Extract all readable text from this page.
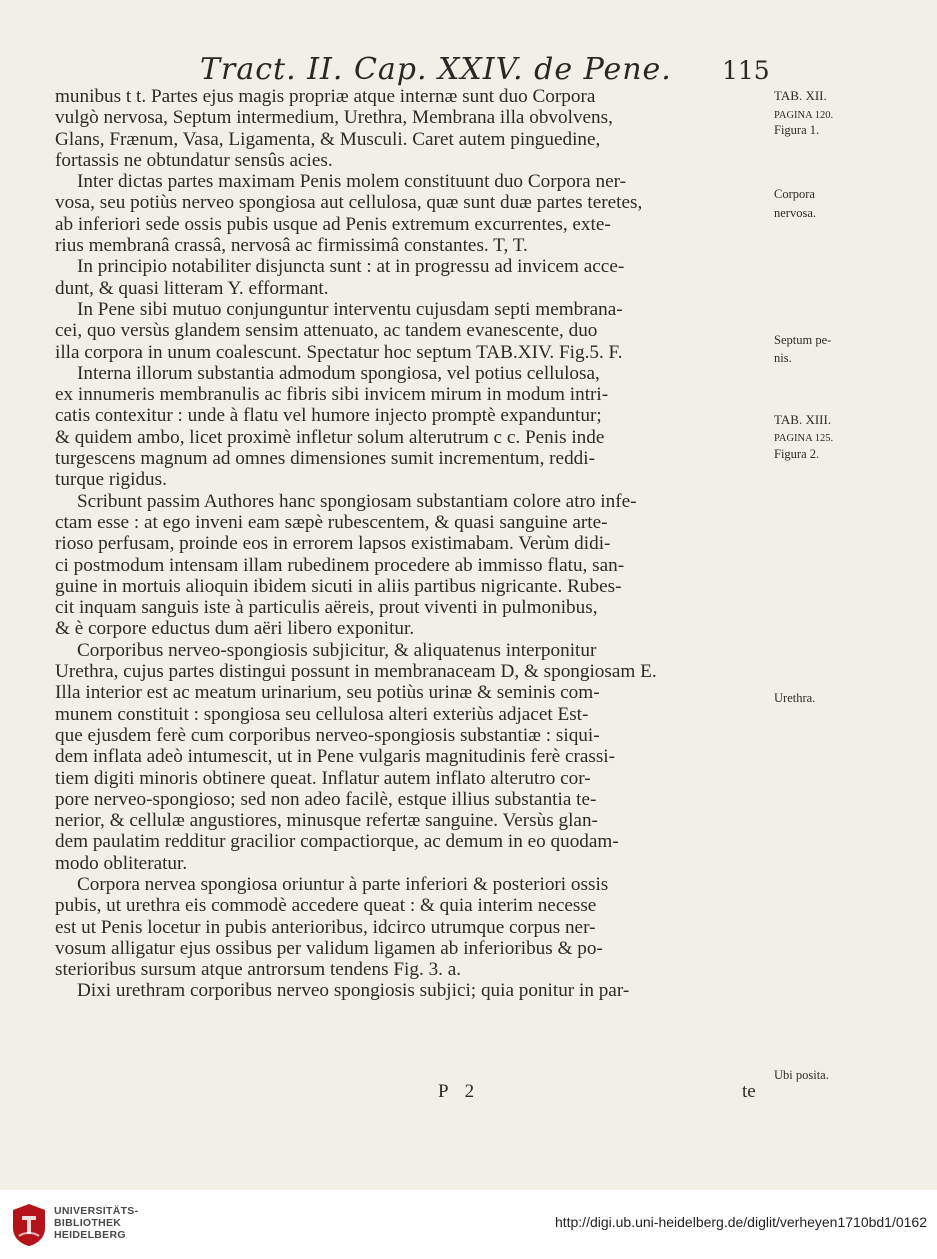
Tract. II. Cap. XXIV. de Pene. 115
munibus t t. Partes ejus magis propriæ atque internæ sunt duo Corpora
vulgò nervosa, Septum intermedium, Urethra, Membrana illa obvolvens,
Glans, Frænum, Vasa, Ligamenta, & Musculi. Caret autem pinguedine,
fortassis ne obtundatur sensûs acies.
Inter dictas partes maximam Penis molem constituunt duo Corpora ner-
vosa, seu potiùs nerveo spongiosa aut cellulosa, quæ sunt duæ partes teretes,
ab inferiori sede ossis pubis usque ad Penis extremum excurrentes, exte-
rius membranâ crassâ, nervosâ ac firmissimâ constantes. T, T.
In principio notabiliter disjuncta sunt : at in progressu ad invicem acce-
dunt, & quasi litteram Y. efformant.
In Pene sibi mutuo conjunguntur interventu cujusdam septi membrana-
cei, quo versùs glandem sensim attenuato, ac tandem evanescente, duo
illa corpora in unum coalescunt. Spectatur hoc septum TAB.XIV. Fig.5. F.
Interna illorum substantia admodum spongiosa, vel potius cellulosa,
ex innumeris membranulis ac fibris sibi invicem mirum in modum intri-
catis contexitur : unde à flatu vel humore injecto promptè expanduntur;
& quidem ambo, licet proximè infletur solum alterutrum c c. Penis inde
turgescens magnum ad omnes dimensiones sumit incrementum, reddi-
turque rigidus.
Scribunt passim Authores hanc spongiosam substantiam colore atro infe-
ctam esse : at ego inveni eam sæpè rubescentem, & quasi sanguine arte-
rioso perfusam, proinde eos in errorem lapsos existimabam. Verùm didi-
ci postmodum intensam illam rubedinem procedere ab immisso flatu, san-
guine in mortuis alioquin ibidem sicuti in aliis partibus nigricante. Rubes-
cit inquam sanguis iste à particulis aëreis, prout viventi in pulmonibus,
& è corpore eductus dum aëri libero exponitur.
Corporibus nerveo-spongiosis subjicitur, & aliquatenus interponitur
Urethra, cujus partes distingui possunt in membranaceam D, & spongiosam E.
Illa interior est ac meatum urinarium, seu potiùs urinæ & seminis com-
munem constituit : spongiosa seu cellulosa alteri exteriùs adjacet Est-
que ejusdem ferè cum corporibus nerveo-spongiosis substantiæ : siqui-
dem inflata adeò intumescit, ut in Pene vulgaris magnitudinis ferè crassi-
tiem digiti minoris obtinere queat. Inflatur autem inflato alterutro cor-
pore nerveo-spongioso; sed non adeo facilè, estque illius substantia te-
nerior, & cellulæ angustiores, minusque refertæ sanguine. Versùs glan-
dem paulatim redditur gracilior compactiorque, ac demum in eo quodam-
modo obliteratur.
Corpora nervea spongiosa oriuntur à parte inferiori & posteriori ossis
pubis, ut urethra eis commodè accedere queat : & quia interim necesse
est ut Penis locetur in pubis anterioribus, idcirco utrumque corpus ner-
vosum alligatur ejus ossibus per validum ligamen ab inferioribus & po-
sterioribus sursum atque antrorsum tendens Fig. 3. a.
Dixi urethram corporibus nerveo spongiosis subjici; quia ponitur in par-
TAB. XII.
PAGINA 120.
Figura 1.
Corpora
nervosa.
Septum pe-
nis.
TAB. XIII.
PAGINA 125.
Figura 2.
Urethra.
Ubi posita.
P 2	te
UNIVERSITÄTS-
BIBLIOTHEK
HEIDELBERG
http://digi.ub.uni-heidelberg.de/diglit/verheyen1710bd1/0162
